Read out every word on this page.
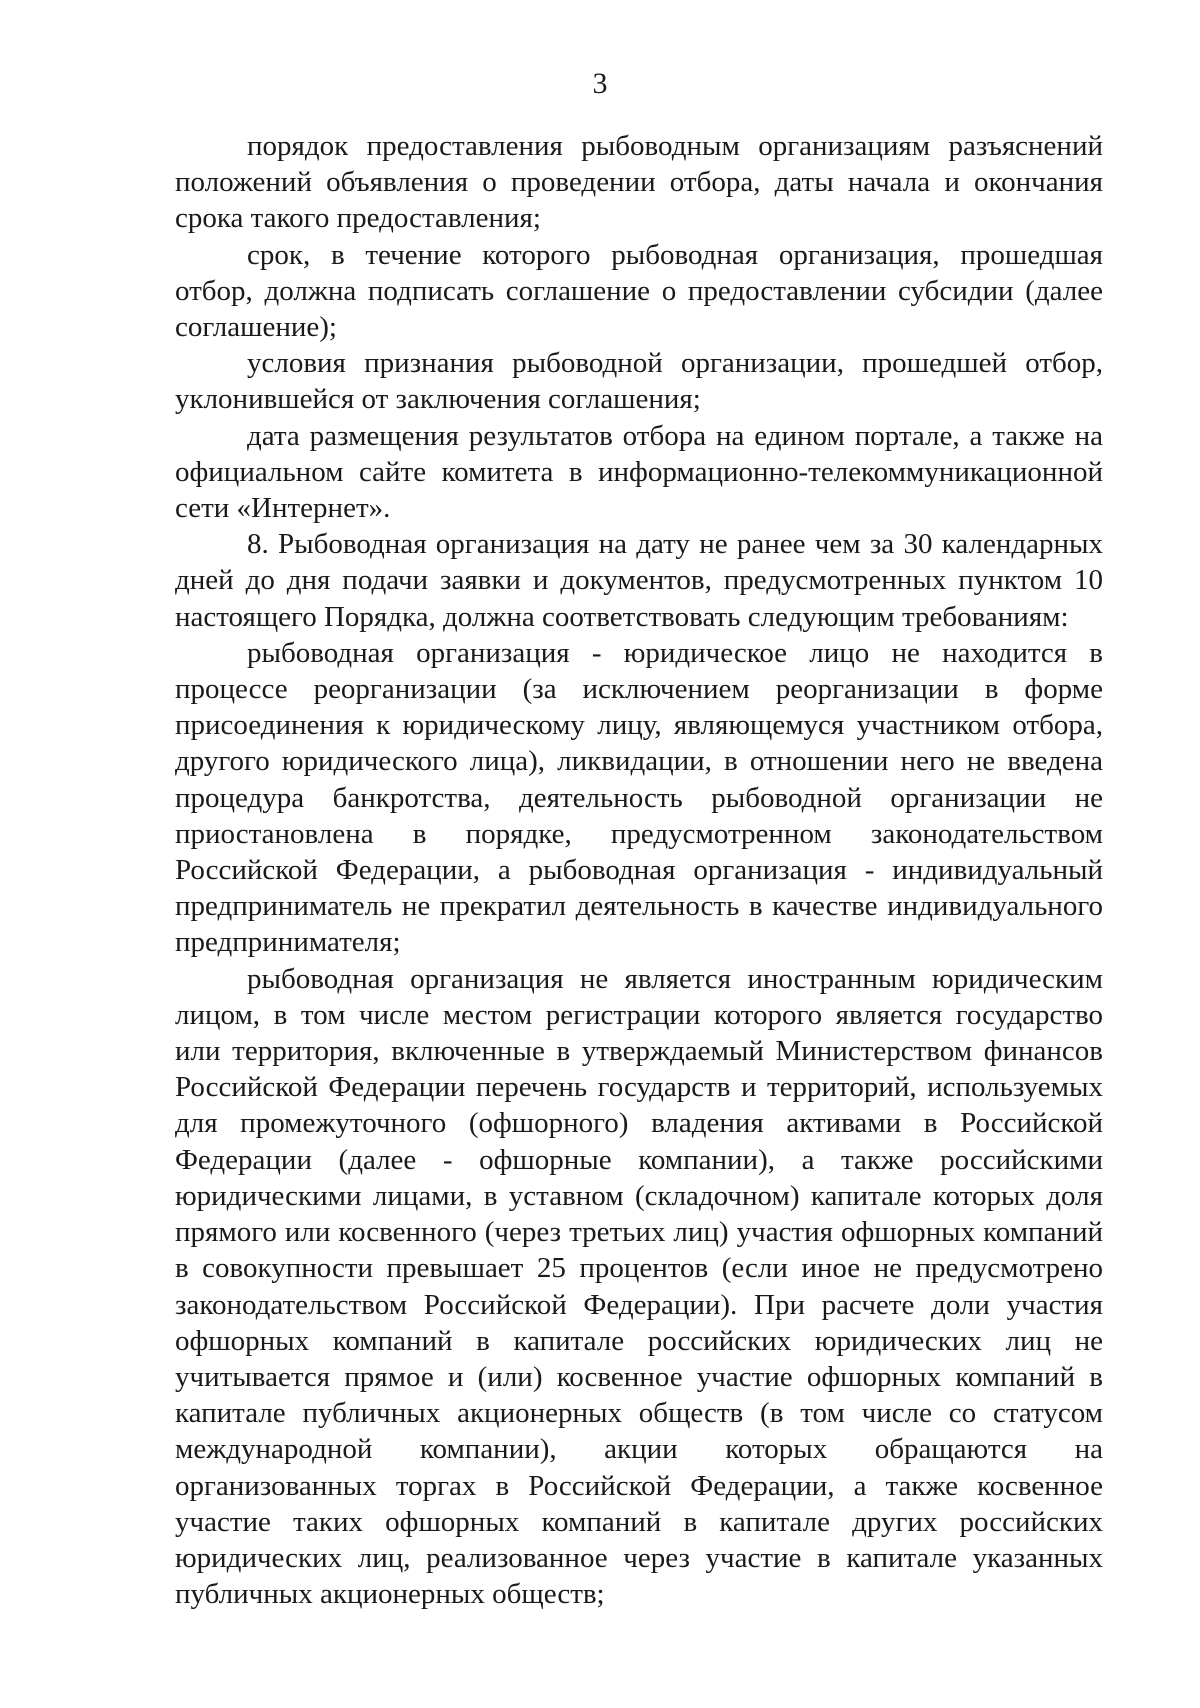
3

порядок предоставления рыбоводным организациям разъяснений положений объявления о проведении отбора, даты начала и окончания срока такого предоставления;

срок, в течение которого рыбоводная организация, прошедшая отбор, должна подписать соглашение о предоставлении субсидии (далее соглашение);

условия признания рыбоводной организации, прошедшей отбор, уклонившейся от заключения соглашения;

дата размещения результатов отбора на едином портале, а также на официальном сайте комитета в информационно-телекоммуникационной сети «Интернет».

8. Рыбоводная организация на дату не ранее чем за 30 календарных дней до дня подачи заявки и документов, предусмотренных пунктом 10 настоящего Порядка, должна соответствовать следующим требованиям:

рыбоводная организация - юридическое лицо не находится в процессе реорганизации (за исключением реорганизации в форме присоединения к юридическому лицу, являющемуся участником отбора, другого юридического лица), ликвидации, в отношении него не введена процедура банкротства, деятельность рыбоводной организации не приостановлена в порядке, предусмотренном законодательством Российской Федерации, а рыбоводная организация - индивидуальный предприниматель не прекратил деятельность в качестве индивидуального предпринимателя;

рыбоводная организация не является иностранным юридическим лицом, в том числе местом регистрации которого является государство или территория, включенные в утверждаемый Министерством финансов Российской Федерации перечень государств и территорий, используемых для промежуточного (офшорного) владения активами в Российской Федерации (далее - офшорные компании), а также российскими юридическими лицами, в уставном (складочном) капитале которых доля прямого или косвенного (через третьих лиц) участия офшорных компаний в совокупности превышает 25 процентов (если иное не предусмотрено законодательством Российской Федерации). При расчете доли участия офшорных компаний в капитале российских юридических лиц не учитывается прямое и (или) косвенное участие офшорных компаний в капитале публичных акционерных обществ (в том числе со статусом международной компании), акции которых обращаются на организованных торгах в Российской Федерации, а также косвенное участие таких офшорных компаний в капитале других российских юридических лиц, реализованное через участие в капитале указанных публичных акционерных обществ;
